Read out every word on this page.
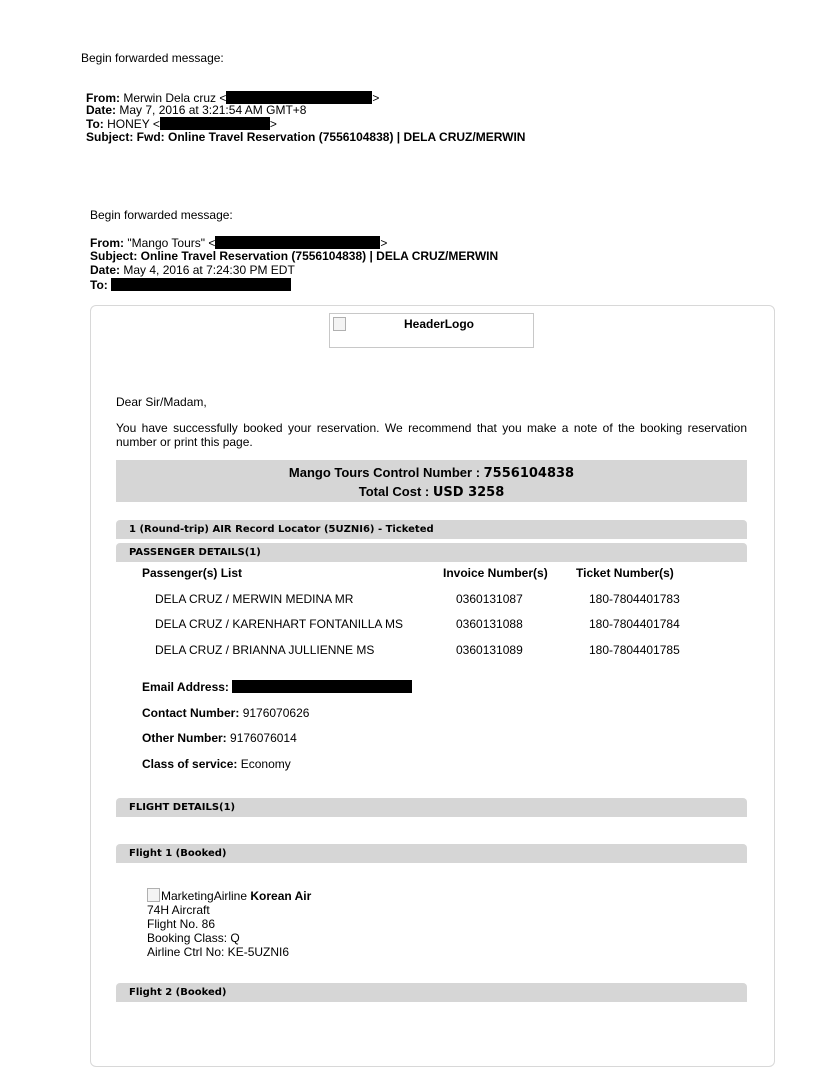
Begin forwarded message:
From: Merwin Dela cruz <	>
Date: May 7, 2016 at 3:21:54 AM GMT+8
To: HONEY <	>
Subject: Fwd: Online Travel Reservation (7556104838) | DELA CRUZ/MERWIN
Begin forwarded message:
From: "Mango Tours" <	>
Subject: Online Travel Reservation (7556104838) | DELA CRUZ/MERWIN
Date: May 4, 2016 at 7:24:30 PM EDT
To:
HeaderLogo
Dear Sir/Madam,
You have successfully booked your reservation. We recommend that you make a note of the booking reservation number or print this page.
Mango Tours Control Number : 7556104838
Total Cost : USD 3258
1 (Round-trip) AIR Record Locator (5UZNI6) - Ticketed
PASSENGER DETAILS(1)
Passenger(s) List	Invoice Number(s) Ticket Number(s)
DELA CRUZ / MERWIN MEDINA MR	0360131087	180-7804401783
DELA CRUZ / KARENHART FONTANILLA MS	0360131088	180-7804401784
DELA CRUZ / BRIANNA JULLIENNE MS	0360131089	180-7804401785
Email Address:
Contact Number: 9176070626
Other Number: 9176076014
Class of service: Economy
FLIGHT DETAILS(1)
Flight 1 (Booked)
MarketingAirline Korean Air
74H Aircraft
Flight No. 86
Booking Class: Q
Airline Ctrl No: KE-5UZNI6
Flight 2 (Booked)
